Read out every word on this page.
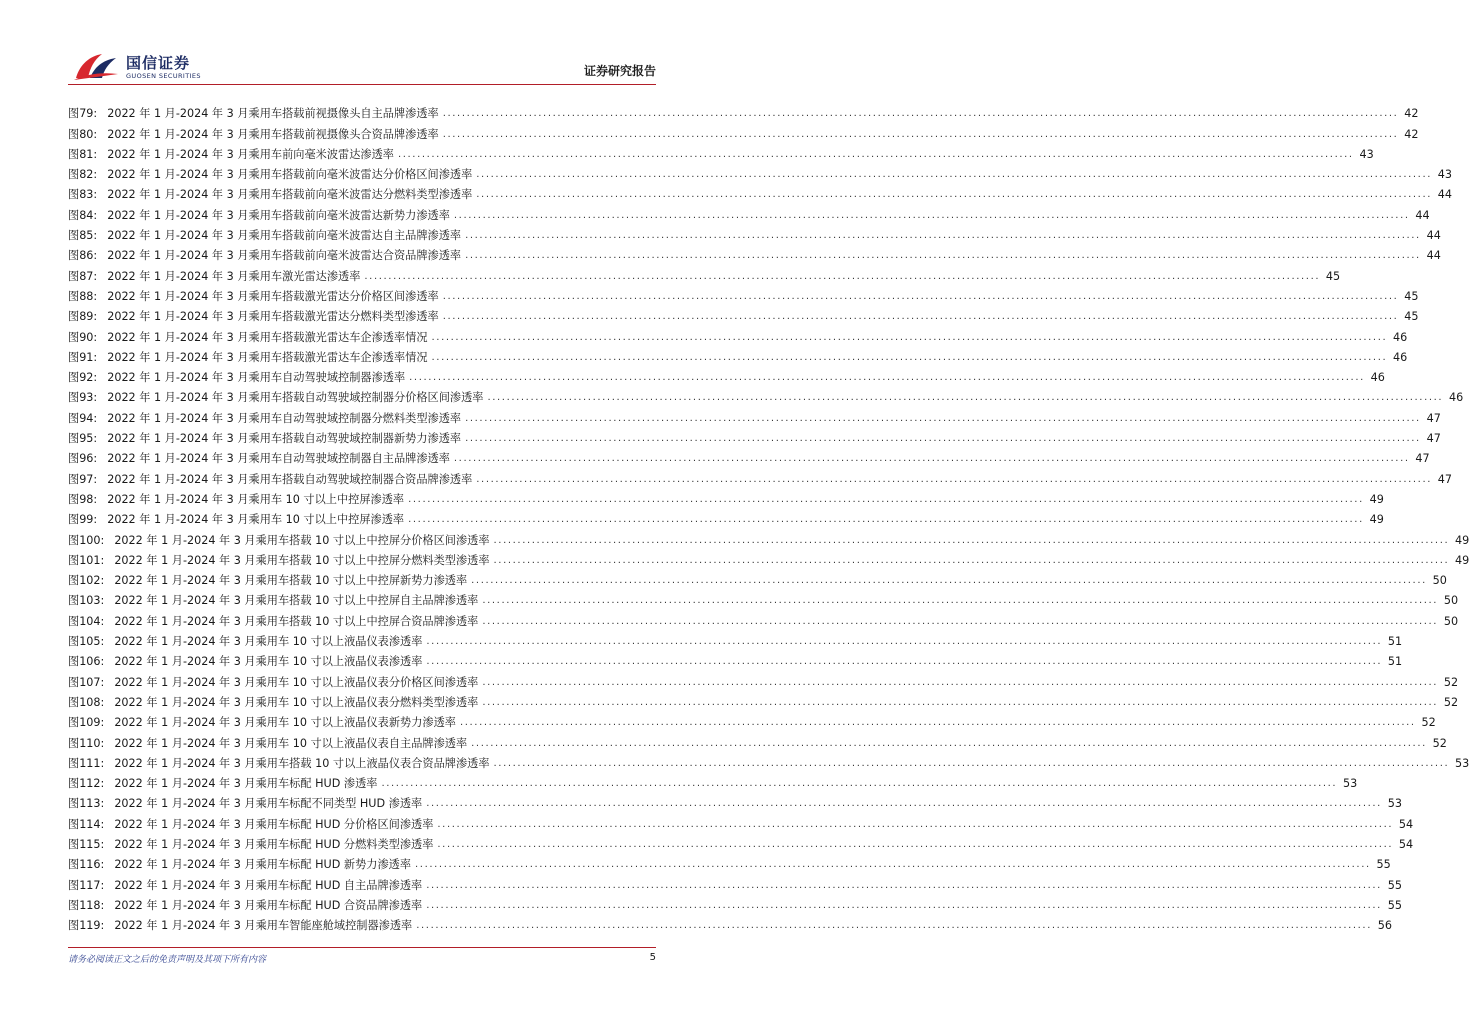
国信证券
GUOSEN SECURITIES	证券研究报告
图79: 2022 年 1 月-2024 年 3 月乘用车搭载前视摄像头自主品牌渗透率 ........................................................................................................................................................................................................ 42
图80: 2022 年 1 月-2024 年 3 月乘用车搭载前视摄像头合资品牌渗透率 ........................................................................................................................................................................................................ 42
图81: 2022 年 1 月-2024 年 3 月乘用车前向毫米波雷达渗透率 ........................................................................................................................................................................................................ 43
图82: 2022 年 1 月-2024 年 3 月乘用车搭载前向毫米波雷达分价格区间渗透率 ........................................................................................................................................................................................................ 43
图83: 2022 年 1 月-2024 年 3 月乘用车搭载前向毫米波雷达分燃料类型渗透率 ........................................................................................................................................................................................................ 44
图84: 2022 年 1 月-2024 年 3 月乘用车搭载前向毫米波雷达新势力渗透率 ........................................................................................................................................................................................................ 44
图85: 2022 年 1 月-2024 年 3 月乘用车搭载前向毫米波雷达自主品牌渗透率 ........................................................................................................................................................................................................ 44
图86: 2022 年 1 月-2024 年 3 月乘用车搭载前向毫米波雷达合资品牌渗透率 ........................................................................................................................................................................................................ 44
图87: 2022 年 1 月-2024 年 3 月乘用车激光雷达渗透率 ........................................................................................................................................................................................................ 45
图88: 2022 年 1 月-2024 年 3 月乘用车搭载激光雷达分价格区间渗透率 ........................................................................................................................................................................................................ 45
图89: 2022 年 1 月-2024 年 3 月乘用车搭载激光雷达分燃料类型渗透率 ........................................................................................................................................................................................................ 45
图90: 2022 年 1 月-2024 年 3 月乘用车搭载激光雷达车企渗透率情况 ........................................................................................................................................................................................................ 46
图91: 2022 年 1 月-2024 年 3 月乘用车搭载激光雷达车企渗透率情况 ........................................................................................................................................................................................................ 46
图92: 2022 年 1 月-2024 年 3 月乘用车自动驾驶域控制器渗透率 ........................................................................................................................................................................................................ 46
图93: 2022 年 1 月-2024 年 3 月乘用车搭载自动驾驶域控制器分价格区间渗透率 ........................................................................................................................................................................................................ 46
图94: 2022 年 1 月-2024 年 3 月乘用车自动驾驶域控制器分燃料类型渗透率 ........................................................................................................................................................................................................ 47
图95: 2022 年 1 月-2024 年 3 月乘用车搭载自动驾驶域控制器新势力渗透率 ........................................................................................................................................................................................................ 47
图96: 2022 年 1 月-2024 年 3 月乘用车自动驾驶域控制器自主品牌渗透率 ........................................................................................................................................................................................................ 47
图97: 2022 年 1 月-2024 年 3 月乘用车搭载自动驾驶域控制器合资品牌渗透率 ........................................................................................................................................................................................................ 47
图98: 2022 年 1 月-2024 年 3 月乘用车 10 寸以上中控屏渗透率 ........................................................................................................................................................................................................ 49
图99: 2022 年 1 月-2024 年 3 月乘用车 10 寸以上中控屏渗透率 ........................................................................................................................................................................................................ 49
图100: 2022 年 1 月-2024 年 3 月乘用车搭载 10 寸以上中控屏分价格区间渗透率 ........................................................................................................................................................................................................ 49
图101: 2022 年 1 月-2024 年 3 月乘用车搭载 10 寸以上中控屏分燃料类型渗透率 ........................................................................................................................................................................................................ 49
图102: 2022 年 1 月-2024 年 3 月乘用车搭载 10 寸以上中控屏新势力渗透率 ........................................................................................................................................................................................................ 50
图103: 2022 年 1 月-2024 年 3 月乘用车搭载 10 寸以上中控屏自主品牌渗透率 ........................................................................................................................................................................................................ 50
图104: 2022 年 1 月-2024 年 3 月乘用车搭载 10 寸以上中控屏合资品牌渗透率 ........................................................................................................................................................................................................ 50
图105: 2022 年 1 月-2024 年 3 月乘用车 10 寸以上液晶仪表渗透率 ........................................................................................................................................................................................................ 51
图106: 2022 年 1 月-2024 年 3 月乘用车 10 寸以上液晶仪表渗透率 ........................................................................................................................................................................................................ 51
图107: 2022 年 1 月-2024 年 3 月乘用车 10 寸以上液晶仪表分价格区间渗透率 ........................................................................................................................................................................................................ 52
图108: 2022 年 1 月-2024 年 3 月乘用车 10 寸以上液晶仪表分燃料类型渗透率 ........................................................................................................................................................................................................ 52
图109: 2022 年 1 月-2024 年 3 月乘用车 10 寸以上液晶仪表新势力渗透率 ........................................................................................................................................................................................................ 52
图110: 2022 年 1 月-2024 年 3 月乘用车 10 寸以上液晶仪表自主品牌渗透率 ........................................................................................................................................................................................................ 52
图111: 2022 年 1 月-2024 年 3 月乘用车搭载 10 寸以上液晶仪表合资品牌渗透率 ........................................................................................................................................................................................................ 53
图112: 2022 年 1 月-2024 年 3 月乘用车标配 HUD 渗透率 ........................................................................................................................................................................................................ 53
图113: 2022 年 1 月-2024 年 3 月乘用车标配不同类型 HUD 渗透率 ........................................................................................................................................................................................................ 53
图114: 2022 年 1 月-2024 年 3 月乘用车标配 HUD 分价格区间渗透率 ........................................................................................................................................................................................................ 54
图115: 2022 年 1 月-2024 年 3 月乘用车标配 HUD 分燃料类型渗透率 ........................................................................................................................................................................................................ 54
图116: 2022 年 1 月-2024 年 3 月乘用车标配 HUD 新势力渗透率 ........................................................................................................................................................................................................ 55
图117: 2022 年 1 月-2024 年 3 月乘用车标配 HUD 自主品牌渗透率 ........................................................................................................................................................................................................ 55
图118: 2022 年 1 月-2024 年 3 月乘用车标配 HUD 合资品牌渗透率 ........................................................................................................................................................................................................ 55
图119: 2022 年 1 月-2024 年 3 月乘用车智能座舱域控制器渗透率 ........................................................................................................................................................................................................ 56
请务必阅读正文之后的免责声明及其项下所有内容	5
